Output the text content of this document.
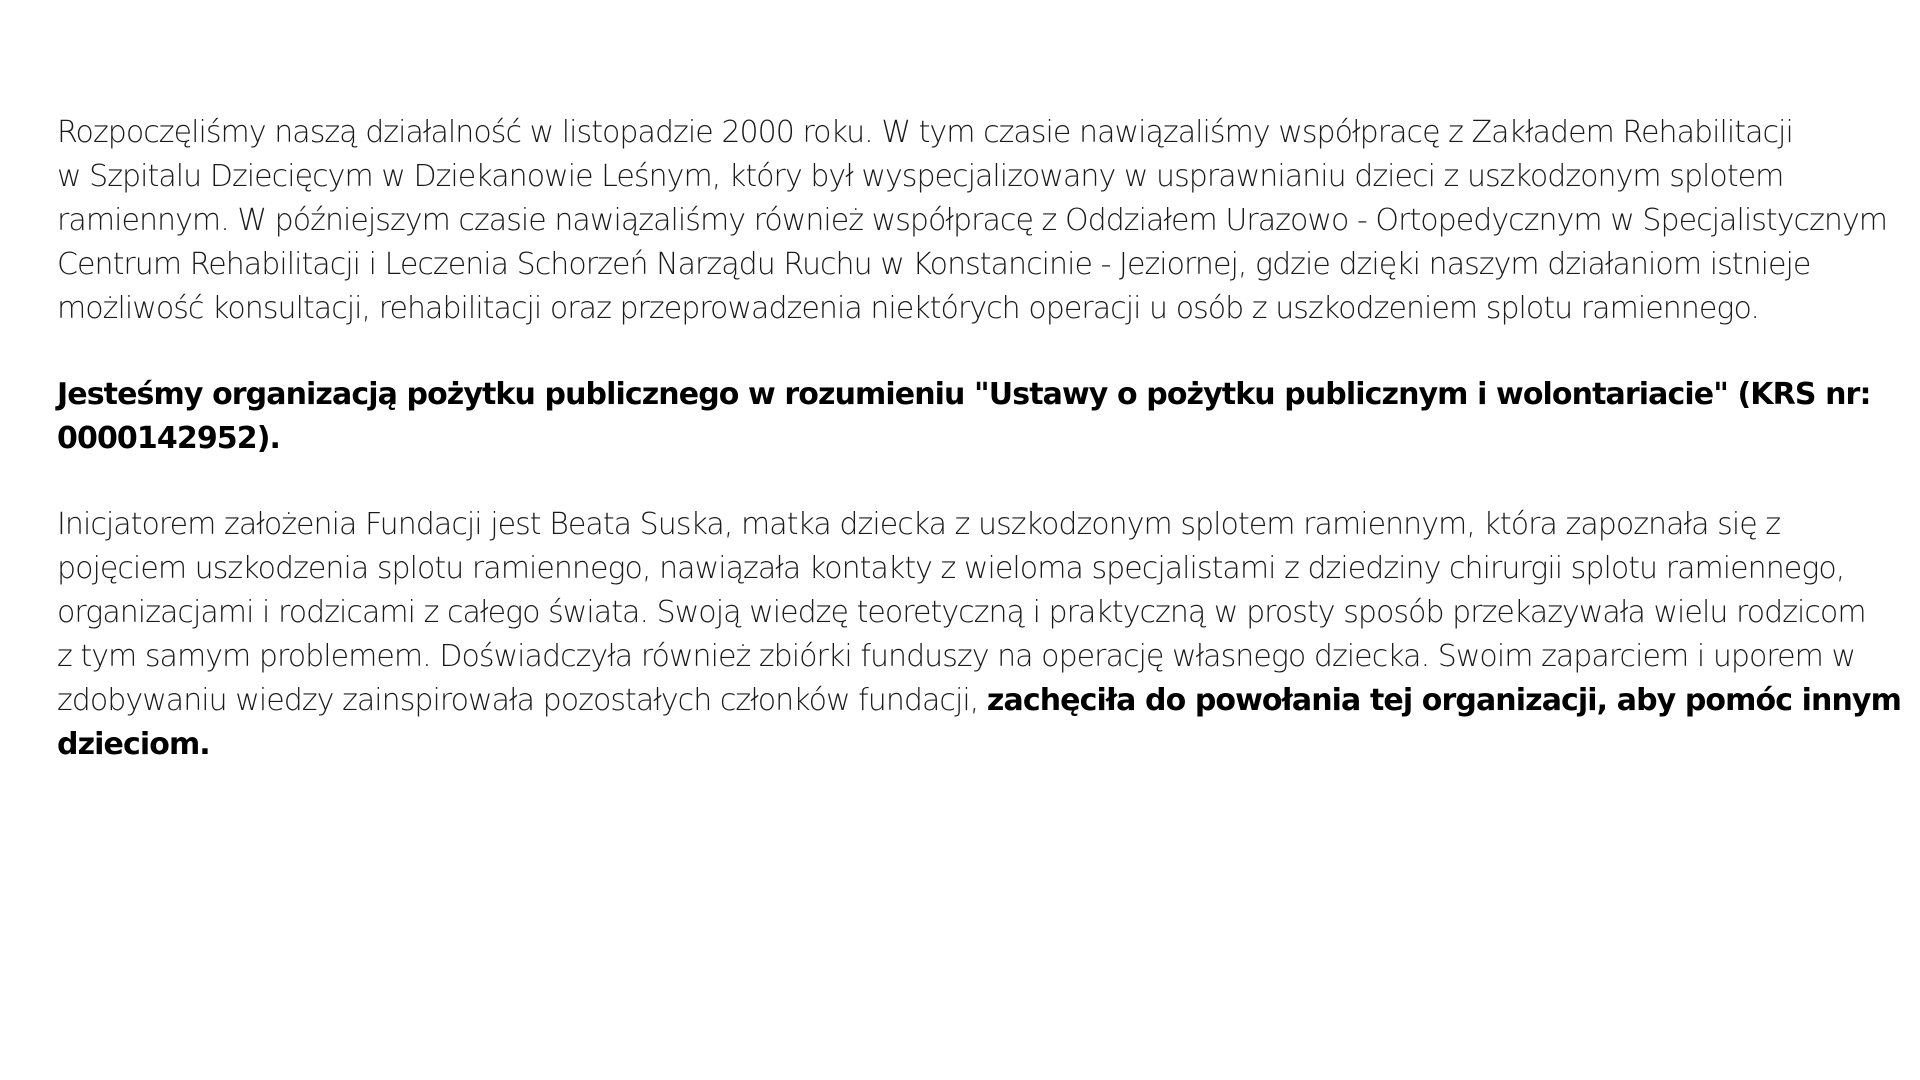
Rozpoczęliśmy naszą działalność w listopadzie 2000 roku. W tym czasie nawiązaliśmy współpracę z Zakładem Rehabilitacji
w Szpitalu Dziecięcym w Dziekanowie Leśnym, który był wyspecjalizowany w usprawnianiu dzieci z uszkodzonym splotem
ramiennym. W późniejszym czasie nawiązaliśmy również współpracę z Oddziałem Urazowo - Ortopedycznym w Specjalistycznym
Centrum Rehabilitacji i Leczenia Schorzeń Narządu Ruchu w Konstancinie - Jeziornej, gdzie dzięki naszym działaniom istnieje
możliwość konsultacji, rehabilitacji oraz przeprowadzenia niektórych operacji u osób z uszkodzeniem splotu ramiennego.

Jesteśmy organizacją pożytku publicznego w rozumieniu "Ustawy o pożytku publicznym i wolontariacie" (KRS nr:
0000142952).

Inicjatorem założenia Fundacji jest Beata Suska, matka dziecka z uszkodzonym splotem ramiennym, która zapoznała się z
pojęciem uszkodzenia splotu ramiennego, nawiązała kontakty z wieloma specjalistami z dziedziny chirurgii splotu ramiennego,
organizacjami i rodzicami z całego świata. Swoją wiedzę teoretyczną i praktyczną w prosty sposób przekazywała wielu rodzicom
z tym samym problemem. Doświadczyła również zbiórki funduszy na operację własnego dziecka. Swoim zaparciem i uporem w
zdobywaniu wiedzy zainspirowała pozostałych członków fundacji, zachęciła do powołania tej organizacji, aby pomóc innym
dzieciom.
